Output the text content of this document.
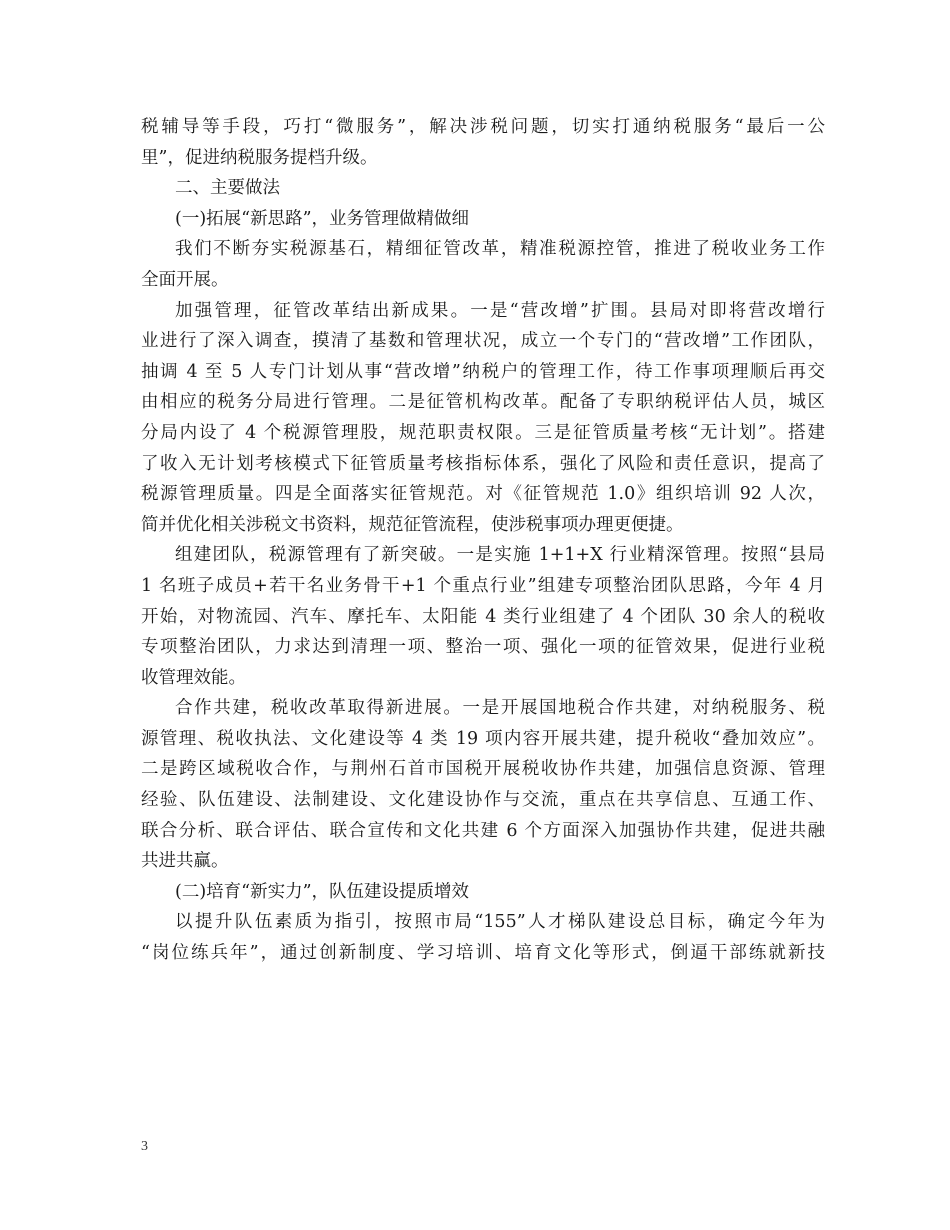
税辅导等手段，巧打“微服务”，解决涉税问题，切实打通纳税服务“最后一公
里”，促进纳税服务提档升级。
二、主要做法
(一)拓展“新思路”，业务管理做精做细
我们不断夯实税源基石，精细征管改革，精准税源控管，推进了税收业务工作
全面开展。
加强管理，征管改革结出新成果。一是“营改增”扩围。县局对即将营改增行
业进行了深入调查，摸清了基数和管理状况，成立一个专门的“营改增”工作团队，
抽调 4 至 5 人专门计划从事“营改增”纳税户的管理工作，待工作事项理顺后再交
由相应的税务分局进行管理。二是征管机构改革。配备了专职纳税评估人员，城区
分局内设了 4 个税源管理股，规范职责权限。三是征管质量考核“无计划”。搭建
了收入无计划考核模式下征管质量考核指标体系，强化了风险和责任意识，提高了
税源管理质量。四是全面落实征管规范。对《征管规范 1.0》组织培训 92 人次，
简并优化相关涉税文书资料，规范征管流程，使涉税事项办理更便捷。
组建团队，税源管理有了新突破。一是实施 1+1+X 行业精深管理。按照“县局
1 名班子成员+若干名业务骨干+1 个重点行业”组建专项整治团队思路，今年 4 月
开始，对物流园、汽车、摩托车、太阳能 4 类行业组建了 4 个团队 30 余人的税收
专项整治团队，力求达到清理一项、整治一项、强化一项的征管效果，促进行业税
收管理效能。
合作共建，税收改革取得新进展。一是开展国地税合作共建，对纳税服务、税
源管理、税收执法、文化建设等 4 类 19 项内容开展共建，提升税收“叠加效应”。
二是跨区域税收合作，与荆州石首市国税开展税收协作共建，加强信息资源、管理
经验、队伍建设、法制建设、文化建设协作与交流，重点在共享信息、互通工作、
联合分析、联合评估、联合宣传和文化共建 6 个方面深入加强协作共建，促进共融
共进共赢。
(二)培育“新实力”，队伍建设提质增效
以提升队伍素质为指引，按照市局“155”人才梯队建设总目标，确定今年为
“岗位练兵年”，通过创新制度、学习培训、培育文化等形式，倒逼干部练就新技
3
